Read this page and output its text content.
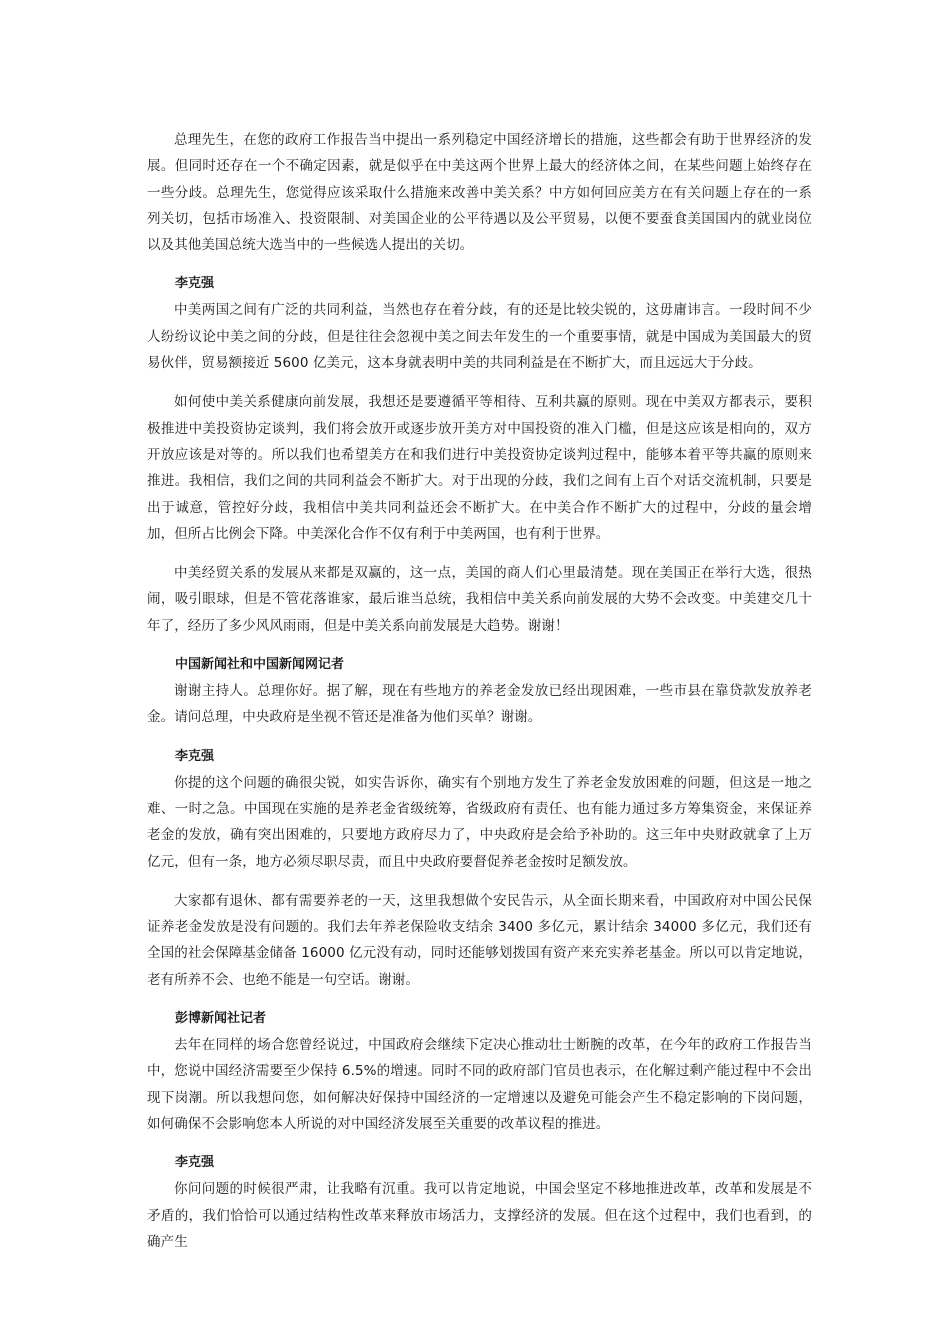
总理先生，在您的政府工作报告当中提出一系列稳定中国经济增长的措施，这些都会有助于世界经济的发展。但同时还存在一个不确定因素，就是似乎在中美这两个世界上最大的经济体之间，在某些问题上始终存在一些分歧。总理先生，您觉得应该采取什么措施来改善中美关系？中方如何回应美方在有关问题上存在的一系列关切，包括市场准入、投资限制、对美国企业的公平待遇以及公平贸易，以便不要蚕食美国国内的就业岗位以及其他美国总统大选当中的一些候选人提出的关切。

李克强

中美两国之间有广泛的共同利益，当然也存在着分歧，有的还是比较尖锐的，这毋庸讳言。一段时间不少人纷纷议论中美之间的分歧，但是往往会忽视中美之间去年发生的一个重要事情，就是中国成为美国最大的贸易伙伴，贸易额接近 5600 亿美元，这本身就表明中美的共同利益是在不断扩大，而且远远大于分歧。

如何使中美关系健康向前发展，我想还是要遵循平等相待、互利共赢的原则。现在中美双方都表示，要积极推进中美投资协定谈判，我们将会放开或逐步放开美方对中国投资的准入门槛，但是这应该是相向的，双方开放应该是对等的。所以我们也希望美方在和我们进行中美投资协定谈判过程中，能够本着平等共赢的原则来推进。我相信，我们之间的共同利益会不断扩大。对于出现的分歧，我们之间有上百个对话交流机制，只要是出于诚意，管控好分歧，我相信中美共同利益还会不断扩大。在中美合作不断扩大的过程中，分歧的量会增加，但所占比例会下降。中美深化合作不仅有利于中美两国，也有利于世界。

中美经贸关系的发展从来都是双赢的，这一点，美国的商人们心里最清楚。现在美国正在举行大选，很热闹，吸引眼球，但是不管花落谁家，最后谁当总统，我相信中美关系向前发展的大势不会改变。中美建交几十年了，经历了多少风风雨雨，但是中美关系向前发展是大趋势。谢谢！

中国新闻社和中国新闻网记者

谢谢主持人。总理你好。据了解，现在有些地方的养老金发放已经出现困难，一些市县在靠贷款发放养老金。请问总理，中央政府是坐视不管还是准备为他们买单？谢谢。

李克强

你提的这个问题的确很尖锐，如实告诉你，确实有个别地方发生了养老金发放困难的问题，但这是一地之难、一时之急。中国现在实施的是养老金省级统筹，省级政府有责任、也有能力通过多方筹集资金，来保证养老金的发放，确有突出困难的，只要地方政府尽力了，中央政府是会给予补助的。这三年中央财政就拿了上万亿元，但有一条，地方必须尽职尽责，而且中央政府要督促养老金按时足额发放。

大家都有退休、都有需要养老的一天，这里我想做个安民告示，从全面长期来看，中国政府对中国公民保证养老金发放是没有问题的。我们去年养老保险收支结余 3400 多亿元，累计结余 34000 多亿元，我们还有全国的社会保障基金储备 16000 亿元没有动，同时还能够划拨国有资产来充实养老基金。所以可以肯定地说，老有所养不会、也绝不能是一句空话。谢谢。

彭博新闻社记者

去年在同样的场合您曾经说过，中国政府会继续下定决心推动壮士断腕的改革，在今年的政府工作报告当中，您说中国经济需要至少保持 6.5%的增速。同时不同的政府部门官员也表示，在化解过剩产能过程中不会出现下岗潮。所以我想问您，如何解决好保持中国经济的一定增速以及避免可能会产生不稳定影响的下岗问题，如何确保不会影响您本人所说的对中国经济发展至关重要的改革议程的推进。

李克强

你问问题的时候很严肃，让我略有沉重。我可以肯定地说，中国会坚定不移地推进改革，改革和发展是不矛盾的，我们恰恰可以通过结构性改革来释放市场活力，支撑经济的发展。但在这个过程中，我们也看到，的确产生
